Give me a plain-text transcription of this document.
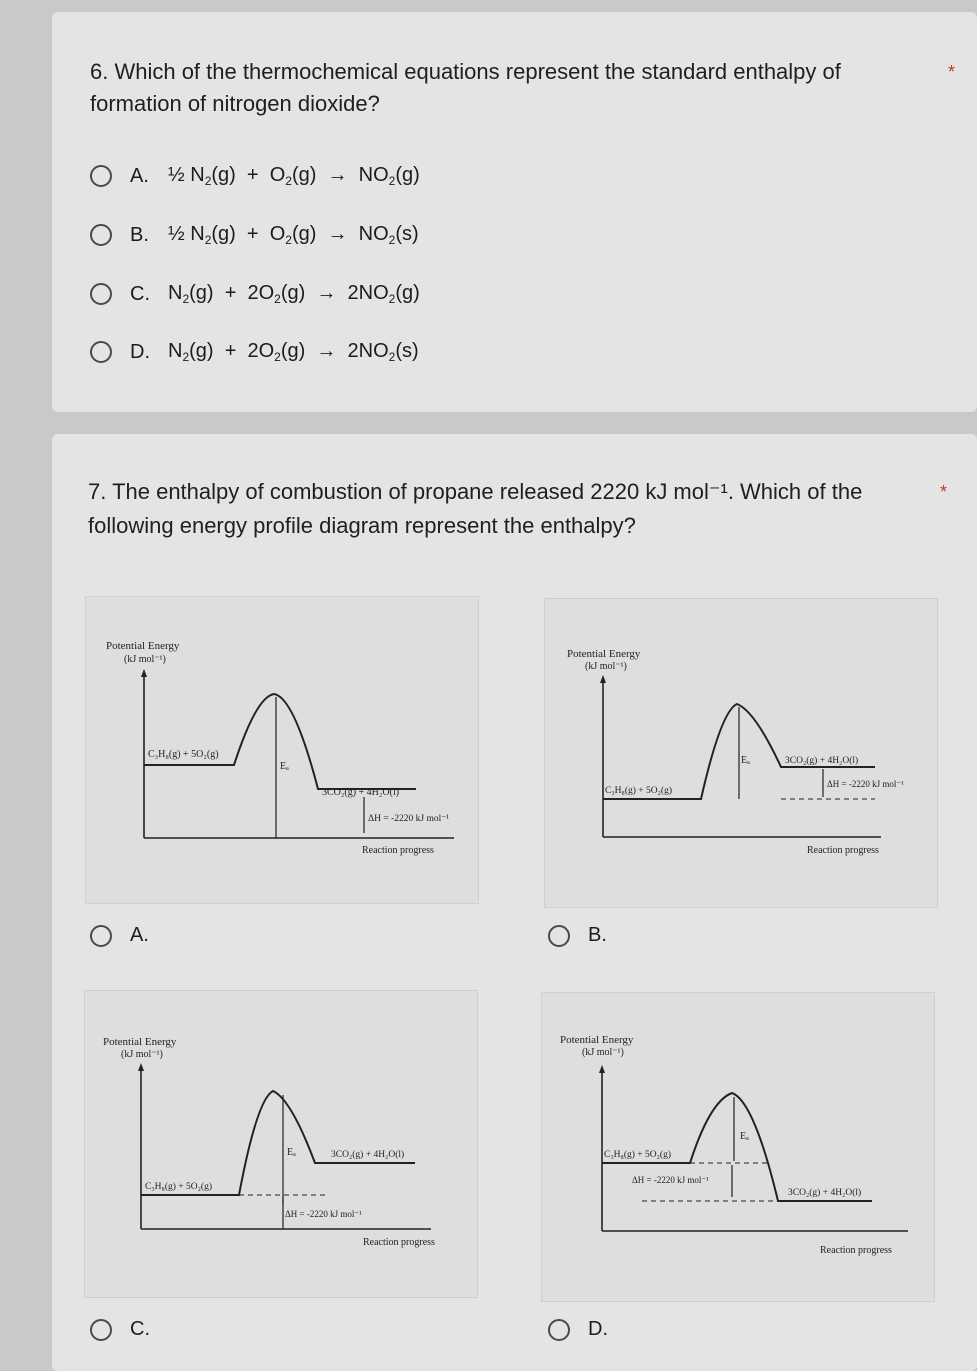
6. Which of the thermochemical equations represent the standard enthalpy of
formation of nitrogen dioxide?
*
A. ½ $N_2(g) + O_2(g) \to NO_2(g)$
B. ½ $N_2(g) + O_2(g) \to NO_2(s)$
C. $N_2(g) + 2O_2(g) \to 2NO_2(g)$
D. $N_2(g) + 2O_2(g) \to 2NO_2(s)$
7. The enthalpy of combustion of propane released 2220 kJ mol⁻¹. Which of the
following energy profile diagram represent the enthalpy?
*
Potential Energy
(kJ mol⁻¹)
Reaction progress
C₃H₈(g) + 5O₂(g)
3CO₂(g) + 4H₂O(l)
Eₐ
ΔH = -2220 kJ mol⁻¹
Potential Energy
(kJ mol⁻¹)
Reaction progress
C₃H₈(g) + 5O₂(g)
3CO₂(g) + 4H₂O(l)
Eₐ
ΔH = -2220 kJ mol⁻¹
A.	B.
Potential Energy
(kJ mol⁻¹)
Reaction progress
C₃H₈(g) + 5O₂(g)
3CO₂(g) + 4H₂O(l)
Eₐ
ΔH = -2220 kJ mol⁻¹
Potential Energy
(kJ mol⁻¹)
Reaction progress
C₃H₈(g) + 5O₂(g)
3CO₂(g) + 4H₂O(l)
Eₐ
ΔH = -2220 kJ mol⁻¹
C.	D.
